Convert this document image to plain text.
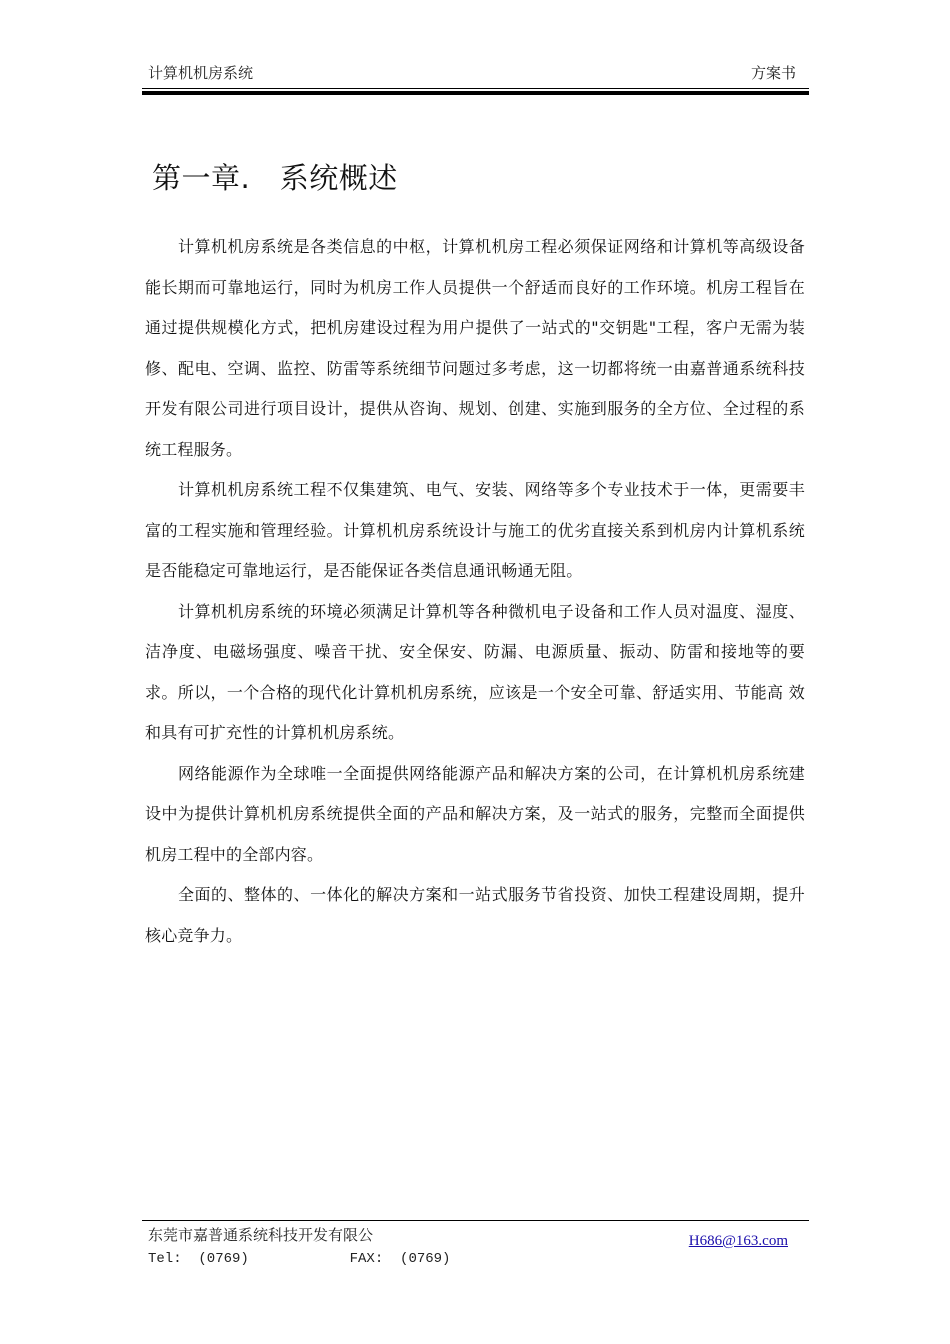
计算机机房系统	方案书
第一章.　系统概述

计算机机房系统是各类信息的中枢，计算机机房工程必须保证网络和计算机等高级设备能长期而可靠地运行，同时为机房工作人员提供一个舒适而良好的工作环境。机房工程旨在通过提供规模化方式，把机房建设过程为用户提供了一站式的"交钥匙"工程，客户无需为装修、配电、空调、监控、防雷等系统细节问题过多考虑，这一切都将统一由嘉普通系统科技开发有限公司进行项目设计，提供从咨询、规划、创建、实施到服务的全方位、全过程的系统工程服务。

计算机机房系统工程不仅集建筑、电气、安装、网络等多个专业技术于一体，更需要丰富的工程实施和管理经验。计算机机房系统设计与施工的优劣直接关系到机房内计算机系统是否能稳定可靠地运行，是否能保证各类信息通讯畅通无阻。

计算机机房系统的环境必须满足计算机等各种微机电子设备和工作人员对温度、湿度、洁净度、电磁场强度、噪音干扰、安全保安、防漏、电源质量、振动、防雷和接地等的要求。所以，一个合格的现代化计算机机房系统，应该是一个安全可靠、舒适实用、节能高 效和具有可扩充性的计算机机房系统。

网络能源作为全球唯一全面提供网络能源产品和解决方案的公司，在计算机机房系统建设中为提供计算机机房系统提供全面的产品和解决方案，及一站式的服务，完整而全面提供机房工程中的全部内容。

全面的、整体的、一体化的解决方案和一站式服务节省投资、加快工程建设周期，提升核心竞争力。

东莞市嘉普通系统科技开发有限公
Tel:  (0769)            FAX:  (0769)
H686@163.com
